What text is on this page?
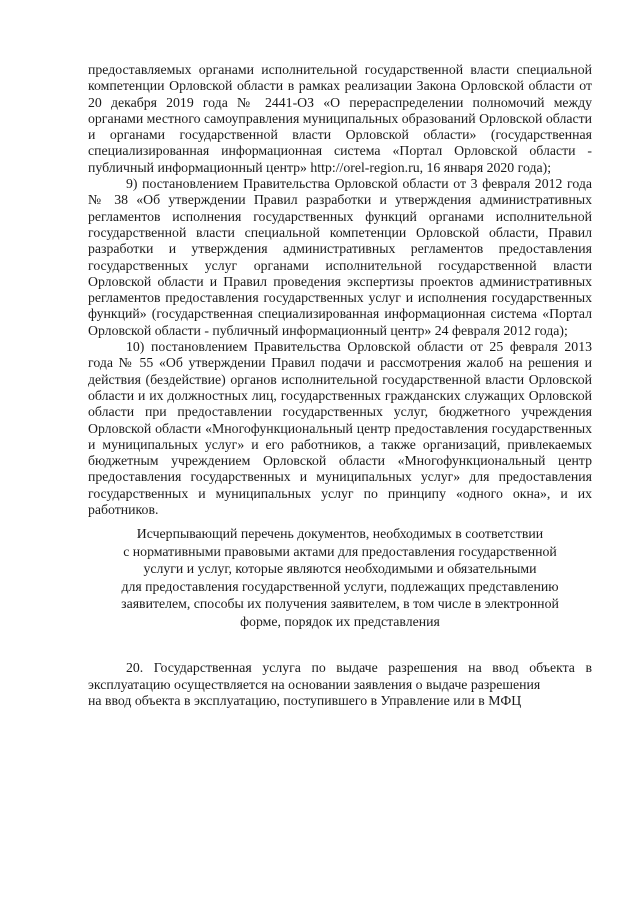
предоставляемых органами исполнительной государственной власти специальной компетенции Орловской области в рамках реализации Закона Орловской области от 20 декабря 2019 года № 2441-ОЗ «О перераспределении полномочий между органами местного самоуправления муниципальных образований Орловской области и органами государственной власти Орловской области» (государственная специализированная информационная система «Портал Орловской области - публичный информационный центр» http://orel-region.ru, 16 января 2020 года);

9) постановлением Правительства Орловской области от 3 февраля 2012 года № 38 «Об утверждении Правил разработки и утверждения административных регламентов исполнения государственных функций органами исполнительной государственной власти специальной компетенции Орловской области, Правил разработки и утверждения административных регламентов предоставления государственных услуг органами исполнительной государственной власти Орловской области и Правил проведения экспертизы проектов административных регламентов предоставления государственных услуг и исполнения государственных функций» (государственная специализированная информационная система «Портал Орловской области - публичный информационный центр» 24 февраля 2012 года);

10) постановлением Правительства Орловской области от 25 февраля 2013 года № 55 «Об утверждении Правил подачи и рассмотрения жалоб на решения и действия (бездействие) органов исполнительной государственной власти Орловской области и их должностных лиц, государственных гражданских служащих Орловской области при предоставлении государственных услуг, бюджетного учреждения Орловской области «Многофункциональный центр предоставления государственных и муниципальных услуг» и его работников, а также организаций, привлекаемых бюджетным учреждением Орловской области «Многофункциональный центр предоставления государственных и муниципальных услуг» для предоставления государственных и муниципальных услуг по принципу «одного окна», и их работников.

Исчерпывающий перечень документов, необходимых в соответствии
с нормативными правовыми актами для предоставления государственной
услуги и услуг, которые являются необходимыми и обязательными
для предоставления государственной услуги, подлежащих представлению
заявителем, способы их получения заявителем, в том числе в электронной
форме, порядок их представления

20. Государственная услуга по выдаче разрешения на ввод объекта в эксплуатацию осуществляется на основании заявления о выдаче разрешения

на ввод объекта в эксплуатацию, поступившего в Управление или в МФЦ
